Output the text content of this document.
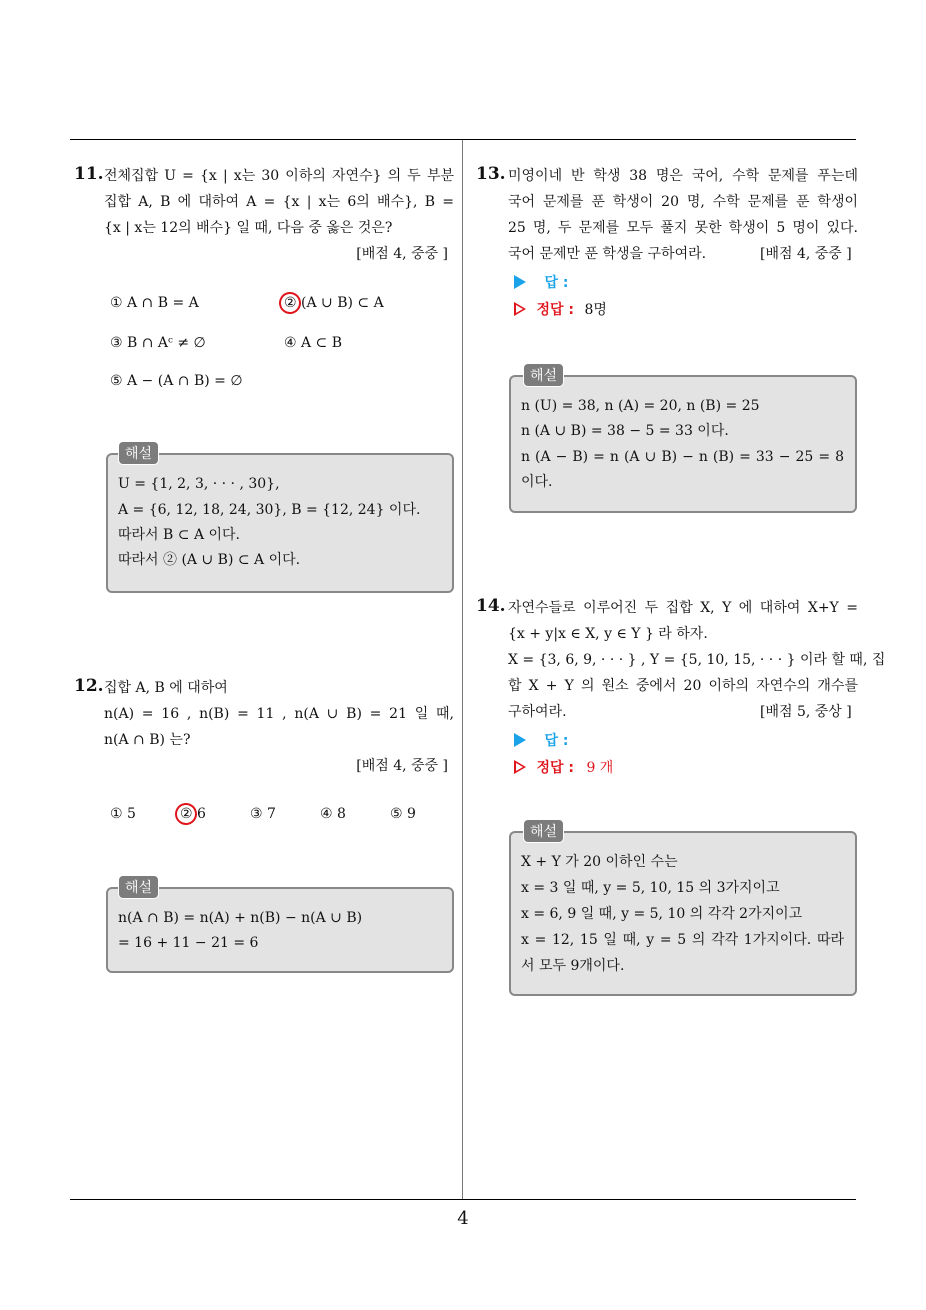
11. 전체집합 U = {x | x는 30 이하의 자연수} 의 두 부분
집합 A, B 에 대하여 A = {x | x는 6의 배수}, B =
{x | x는 12의 배수} 일 때, 다음 중 옳은 것은?
[배점 4, 중중 ]
① A ∩ B = A	② (A ∪ B) ⊂ A
③ B ∩ Aᶜ ≠ ∅	④ A ⊂ B
⑤ A − (A ∩ B) = ∅
해설
U = {1, 2, 3, · · · , 30},
A = {6, 12, 18, 24, 30}, B = {12, 24} 이다.
따라서 B ⊂ A 이다.
따라서 ② (A ∪ B) ⊂ A 이다.
12. 집합 A, B 에 대하여
n(A) = 16 , n(B) = 11 , n(A ∪ B) = 21 일 때,
n(A ∩ B) 는?
[배점 4, 중중 ]
① 5	② 6	③ 7	④ 8	⑤ 9
해설
n(A ∩ B) = n(A) + n(B) − n(A ∪ B)
= 16 + 11 − 21 = 6
13. 미영이네 반 학생 38 명은 국어, 수학 문제를 푸는데
국어 문제를 푼 학생이 20 명, 수학 문제를 푼 학생이
25 명, 두 문제를 모두 풀지 못한 학생이 5 명이 있다.
국어 문제만 푼 학생을 구하여라.	[배점 4, 중중 ]
답 :
정답 : 8명
해설
n (U) = 38, n (A) = 20, n (B) = 25
n (A ∪ B) = 38 − 5 = 33 이다.
n (A − B) = n (A ∪ B) − n (B) = 33 − 25 = 8
이다.
14. 자연수들로 이루어진 두 집합 X, Y 에 대하여 X+Y =
{x + y|x ∈ X, y ∈ Y } 라 하자.
X = {3, 6, 9, · · · } , Y = {5, 10, 15, · · · } 이라 할 때, 집
합 X + Y 의 원소 중에서 20 이하의 자연수의 개수를
구하여라.	[배점 5, 중상 ]
답 :
정답 : 9 개
해설
X + Y 가 20 이하인 수는
x = 3 일 때, y = 5, 10, 15 의 3가지이고
x = 6, 9 일 때, y = 5, 10 의 각각 2가지이고
x = 12, 15 일 때, y = 5 의 각각 1가지이다. 따라
서 모두 9개이다.
4
